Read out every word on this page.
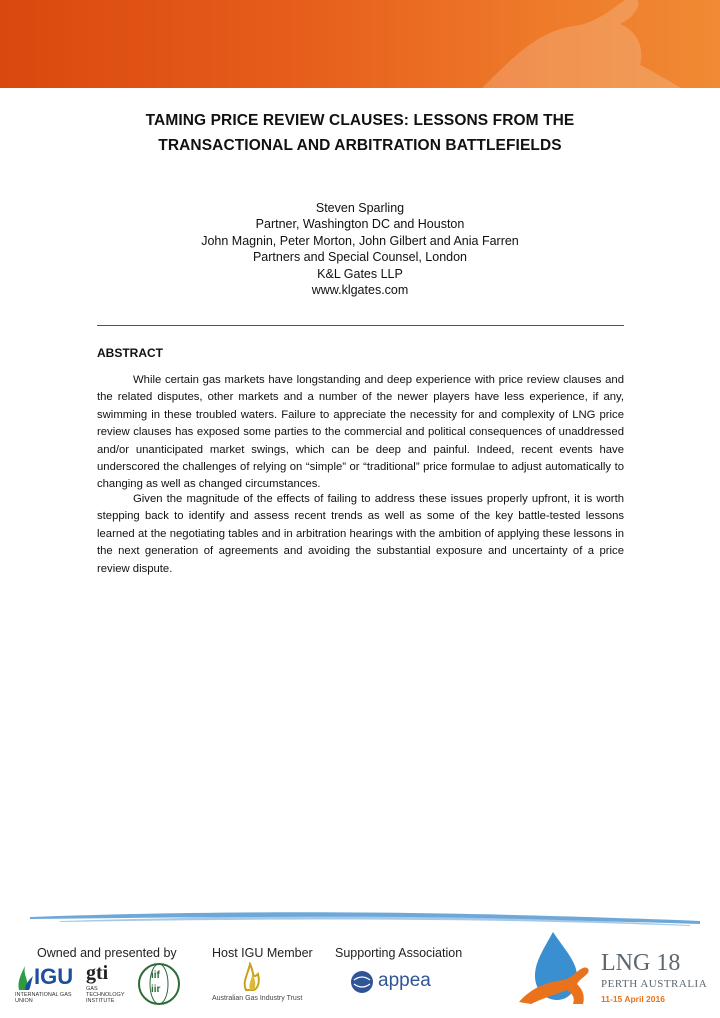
TAMING PRICE REVIEW CLAUSES: LESSONS FROM THE
TRANSACTIONAL AND ARBITRATION BATTLEFIELDS
Steven Sparling
Partner, Washington DC and Houston
John Magnin, Peter Morton, John Gilbert and Ania Farren
Partners and Special Counsel, London
K&L Gates LLP
www.klgates.com
ABSTRACT
While certain gas markets have longstanding and deep experience with price review clauses and the related disputes, other markets and a number of the newer players have less experience, if any, swimming in these troubled waters. Failure to appreciate the necessity for and complexity of LNG price review clauses has exposed some parties to the commercial and political consequences of unaddressed and/or unanticipated market swings, which can be deep and painful. Indeed, recent events have underscored the challenges of relying on “simple” or “traditional” price formulae to adjust automatically to changing as well as changed circumstances.
Given the magnitude of the effects of failing to address these issues properly upfront, it is worth stepping back to identify and assess recent trends as well as some of the key battle-tested lessons learned at the negotiating tables and in arbitration hearings with the ambition of applying these lessons in the next generation of agreements and avoiding the substantial exposure and uncertainty of a price review dispute.
Owned and presented by	Host IGU Member Supporting Association
IGU
INTERNATIONAL GAS UNION
gti
GAS TECHNOLOGY INSTITUTE
iif
iir
Australian Gas Industry Trust
appea
LNG 18
PERTH AUSTRALIA
11-15 April 2016
